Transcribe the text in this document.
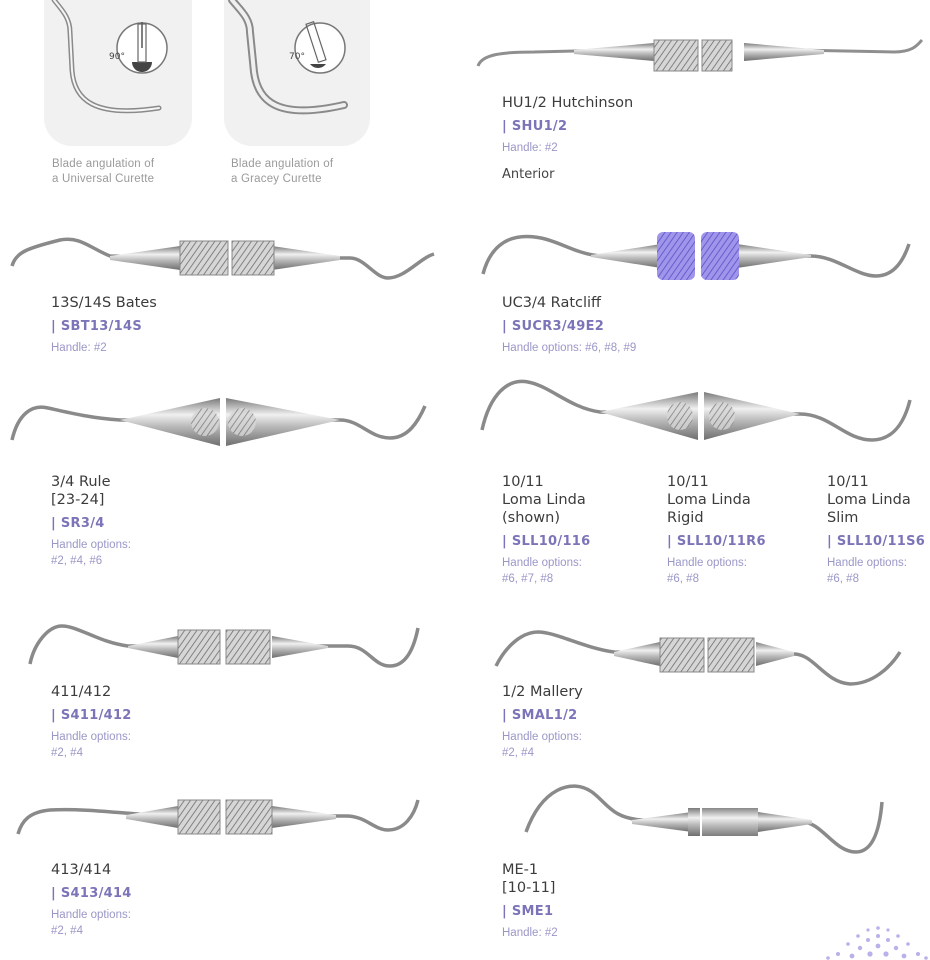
90°	70°
Blade angulation of
a Universal Curette
Blade angulation of
a Gracey Curette
HU1/2 Hutchinson
| SHU1/2
Handle: #2
Anterior
13S/14S Bates
| SBT13/14S
Handle: #2
UC3/4 Ratcliff
| SUCR3/49E2
Handle options: #6, #8, #9
3/4 Rule
[23-24]
| SR3/4
Handle options:
#2, #4, #6
10/11
Loma Linda
(shown)
| SLL10/116
Handle options:
#6, #7, #8
10/11
Loma Linda
Rigid
| SLL10/11R6
Handle options:
#6, #8
10/11
Loma Linda
Slim
| SLL10/11S6
Handle options:
#6, #8
411/412
| S411/412
Handle options:
#2, #4
1/2 Mallery
| SMAL1/2
Handle options:
#2, #4
413/414
| S413/414
Handle options:
#2, #4
ME-1
[10-11]
| SME1
Handle: #2
